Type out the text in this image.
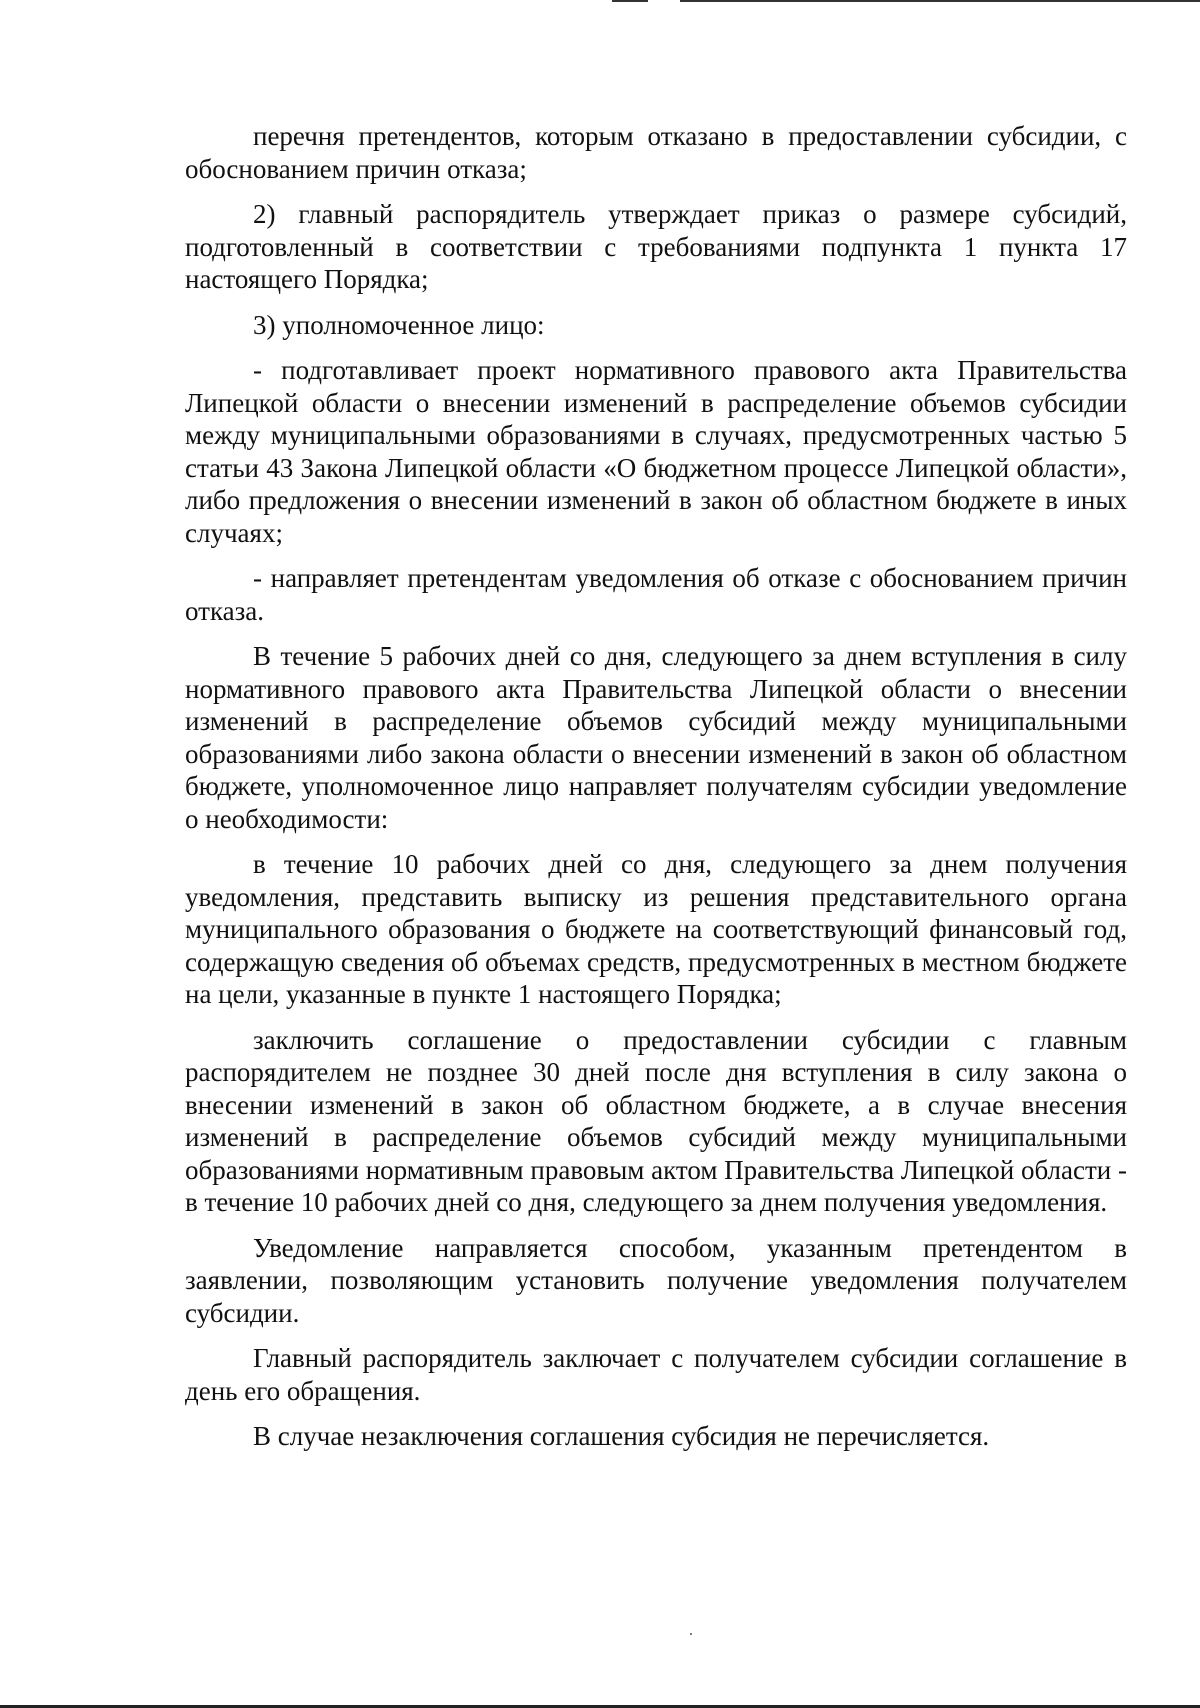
перечня претендентов, которым отказано в предоставлении субсидии, с обоснованием причин отказа;

2) главный распорядитель утверждает приказ о размере субсидий, подготовленный в соответствии с требованиями подпункта 1 пункта 17 настоящего Порядка;

3) уполномоченное лицо:

- подготавливает проект нормативного правового акта Правительства Липецкой области о внесении изменений в распределение объемов субсидии между муниципальными образованиями в случаях, предусмотренных частью 5 статьи 43 Закона Липецкой области «О бюджетном процессе Липецкой области», либо предложения о внесении изменений в закон об областном бюджете в иных случаях;

- направляет претендентам уведомления об отказе с обоснованием причин отказа.

В течение 5 рабочих дней со дня, следующего за днем вступления в силу нормативного правового акта Правительства Липецкой области о внесении изменений в распределение объемов субсидий между муниципальными образованиями либо закона области о внесении изменений в закон об областном бюджете, уполномоченное лицо направляет получателям субсидии уведомление о необходимости:

в течение 10 рабочих дней со дня, следующего за днем получения уведомления, представить выписку из решения представительного органа муниципального образования о бюджете на соответствующий финансовый год, содержащую сведения об объемах средств, предусмотренных в местном бюджете на цели, указанные в пункте 1 настоящего Порядка;

заключить соглашение о предоставлении субсидии с главным распорядителем не позднее 30 дней после дня вступления в силу закона о внесении изменений в закон об областном бюджете, а в случае внесения изменений в распределение объемов субсидий между муниципальными образованиями нормативным правовым актом Правительства Липецкой области - в течение 10 рабочих дней со дня, следующего за днем получения уведомления.

Уведомление направляется способом, указанным претендентом в заявлении, позволяющим установить получение уведомления получателем субсидии.

Главный распорядитель заключает с получателем субсидии соглашение в день его обращения.

В случае незаключения соглашения субсидия не перечисляется.
